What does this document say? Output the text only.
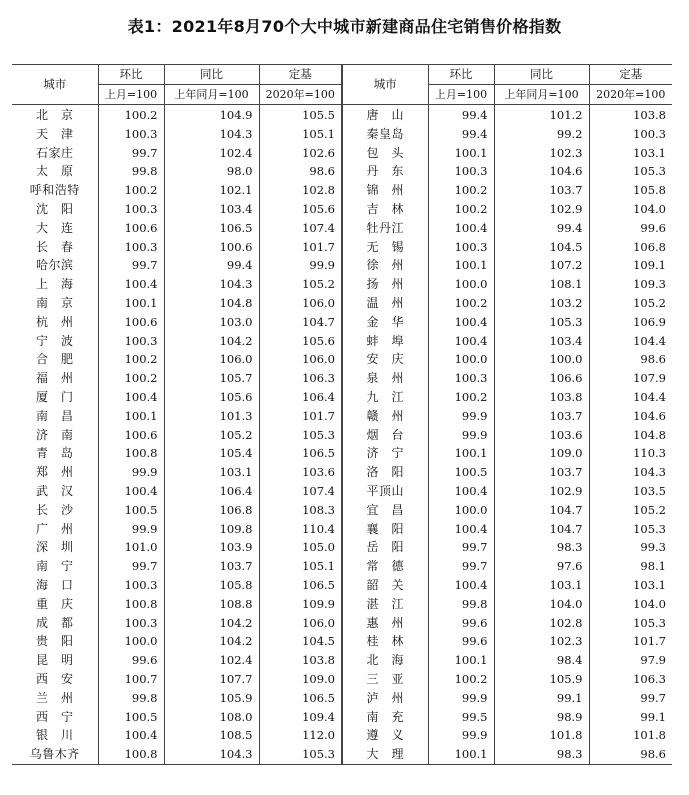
表1：2021年8月70个大中城市新建商品住宅销售价格指数
城市	环比	同比	定基	城市	环比	同比	定基
	上月=100	上年同月=100	2020年=100		上月=100	上年同月=100	2020年=100
北　京	100.2	104.9	105.5	唐　山	99.4	101.2	103.8
天　津	100.3	104.3	105.1	秦皇岛	99.4	99.2	100.3
石家庄	99.7	102.4	102.6	包　头	100.1	102.3	103.1
太　原	99.8	98.0	98.6	丹　东	100.3	104.6	105.3
呼和浩特	100.2	102.1	102.8	锦　州	100.2	103.7	105.8
沈　阳	100.3	103.4	105.6	吉　林	100.2	102.9	104.0
大　连	100.6	106.5	107.4	牡丹江	100.4	99.4	99.6
长　春	100.3	100.6	101.7	无　锡	100.3	104.5	106.8
哈尔滨	99.7	99.4	99.9	徐　州	100.1	107.2	109.1
上　海	100.4	104.3	105.2	扬　州	100.0	108.1	109.3
南　京	100.1	104.8	106.0	温　州	100.2	103.2	105.2
杭　州	100.6	103.0	104.7	金　华	100.4	105.3	106.9
宁　波	100.3	104.2	105.6	蚌　埠	100.4	103.4	104.4
合　肥	100.2	106.0	106.0	安　庆	100.0	100.0	98.6
福　州	100.2	105.7	106.3	泉　州	100.3	106.6	107.9
厦　门	100.4	105.6	106.4	九　江	100.2	103.8	104.4
南　昌	100.1	101.3	101.7	赣　州	99.9	103.7	104.6
济　南	100.6	105.2	105.3	烟　台	99.9	103.6	104.8
青　岛	100.8	105.4	106.5	济　宁	100.1	109.0	110.3
郑　州	99.9	103.1	103.6	洛　阳	100.5	103.7	104.3
武　汉	100.4	106.4	107.4	平顶山	100.4	102.9	103.5
长　沙	100.5	106.8	108.3	宜　昌	100.0	104.7	105.2
广　州	99.9	109.8	110.4	襄　阳	100.4	104.7	105.3
深　圳	101.0	103.9	105.0	岳　阳	99.7	98.3	99.3
南　宁	99.7	103.7	105.1	常　德	99.7	97.6	98.1
海　口	100.3	105.8	106.5	韶　关	100.4	103.1	103.1
重　庆	100.8	108.8	109.9	湛　江	99.8	104.0	104.0
成　都	100.3	104.2	106.0	惠　州	99.6	102.8	105.3
贵　阳	100.0	104.2	104.5	桂　林	99.6	102.3	101.7
昆　明	99.6	102.4	103.8	北　海	100.1	98.4	97.9
西　安	100.7	107.7	109.0	三　亚	100.2	105.9	106.3
兰　州	99.8	105.9	106.5	泸　州	99.9	99.1	99.7
西　宁	100.5	108.0	109.4	南　充	99.5	98.9	99.1
银　川	100.4	108.5	112.0	遵　义	99.9	101.8	101.8
乌鲁木齐	100.8	104.3	105.3	大　理	100.1	98.3	98.6
